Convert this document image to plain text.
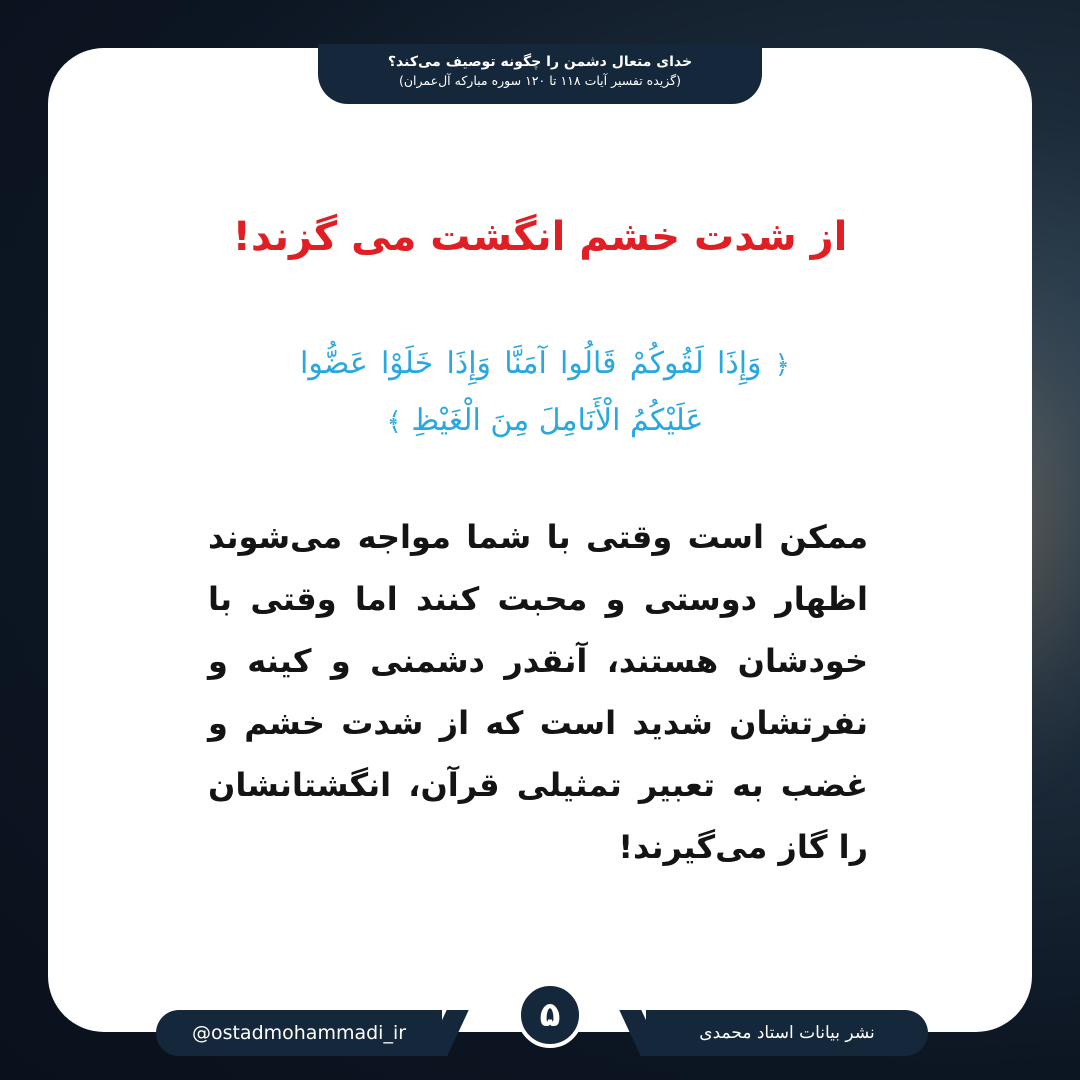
خدای متعال دشمن را چگونه توصیف می‌کند؟
(گزیده تفسیر آیات ۱۱۸ تا ۱۲۰ سوره مبارکه آل‌عمران)
از شدت خشم انگشت می گزند!
﴿ وَإِذَا لَقُوكُمْ قَالُوا آمَنَّا وَإِذَا خَلَوْا عَضُّوا عَلَيْكُمُ الْأَنَامِلَ مِنَ الْغَيْظِ ﴾
ممکن است وقتی با شما مواجه می‌شوند اظهار دوستی و محبت کنند اما وقتی با خودشان هستند، آنقدر دشمنی و کینه و نفرتشان شدید است که از شدت خشم و غضب به تعبیر تمثیلی قرآن، انگشتانشان را گاز می‌گیرند!
@ostadmohammadi_ir	۵	نشر بیانات استاد محمدی
